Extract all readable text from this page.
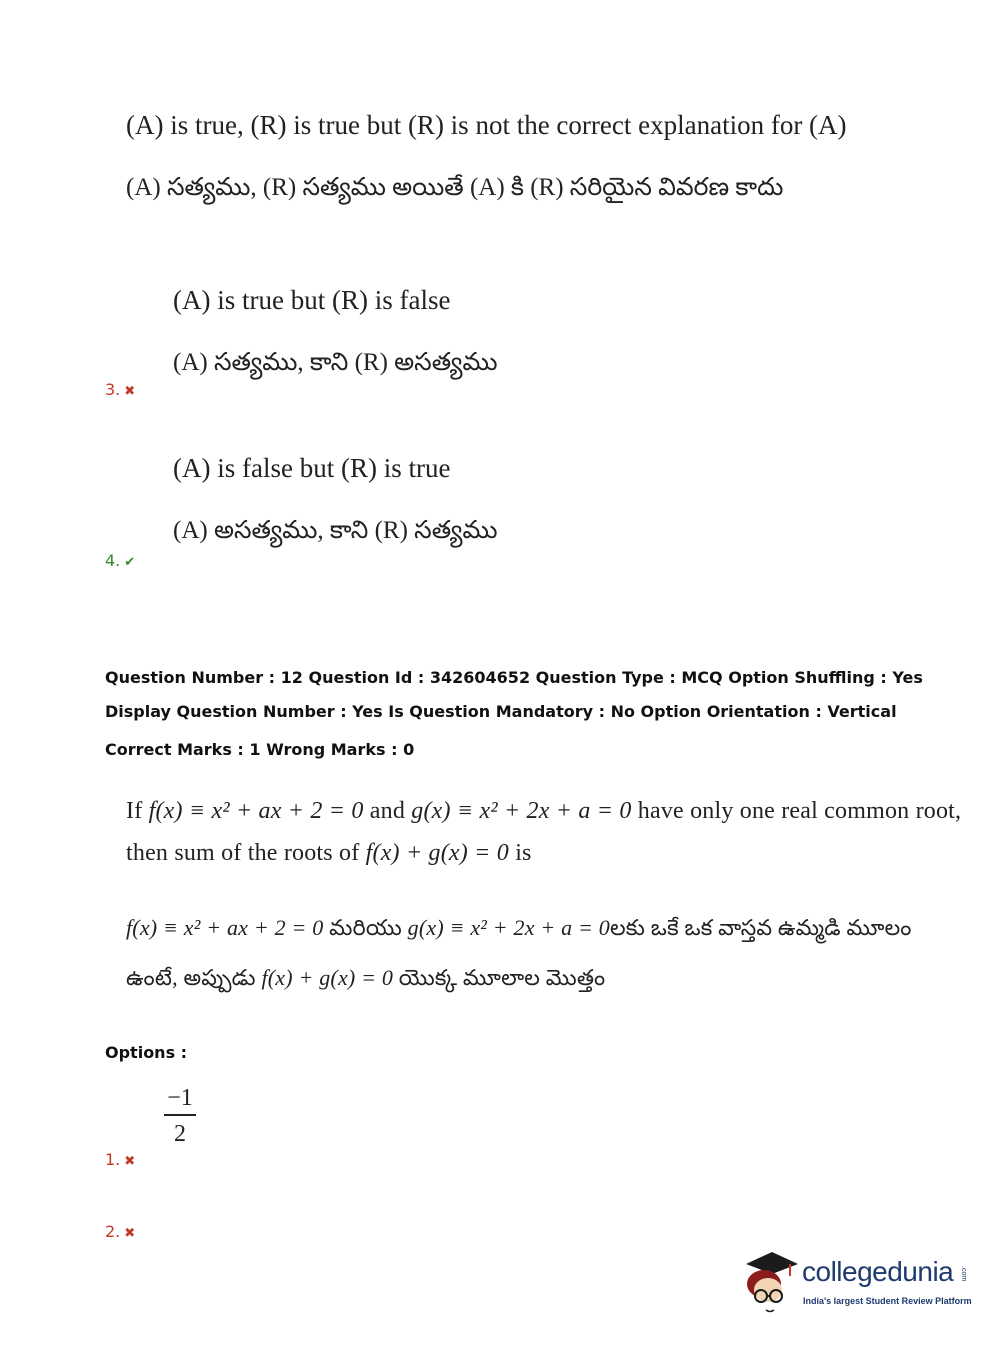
(A) is true, (R) is true but (R) is not the correct explanation for (A)
(A) సత్యము, (R) సత్యము అయితే (A) కి (R) సరియైన వివరణ కాదు
(A) is true but (R) is false
(A) సత్యము, కాని (R) అసత్యము
3. ✖
(A) is false but (R) is true
(A) అసత్యము, కాని (R) సత్యము
4. ✔
Question Number : 12 Question Id : 342604652 Question Type : MCQ Option Shuffling : Yes
Display Question Number : Yes Is Question Mandatory : No Option Orientation : Vertical
Correct Marks : 1 Wrong Marks : 0
If f(x) ≡ x² + ax + 2 = 0 and g(x) ≡ x² + 2x + a = 0 have only one real common root,
then sum of the roots of f(x) + g(x) = 0 is
f(x) ≡ x² + ax + 2 = 0 మరియు g(x) ≡ x² + 2x + a = 0లకు ఒకే ఒక వాస్తవ ఉమ్మడి మూలం
ఉంటే, అప్పుడు f(x) + g(x) = 0 యొక్క మూలాల మొత్తం
Options :
−1
2
1. ✖
2. ✖
collegedunia .com
India's largest Student Review Platform
